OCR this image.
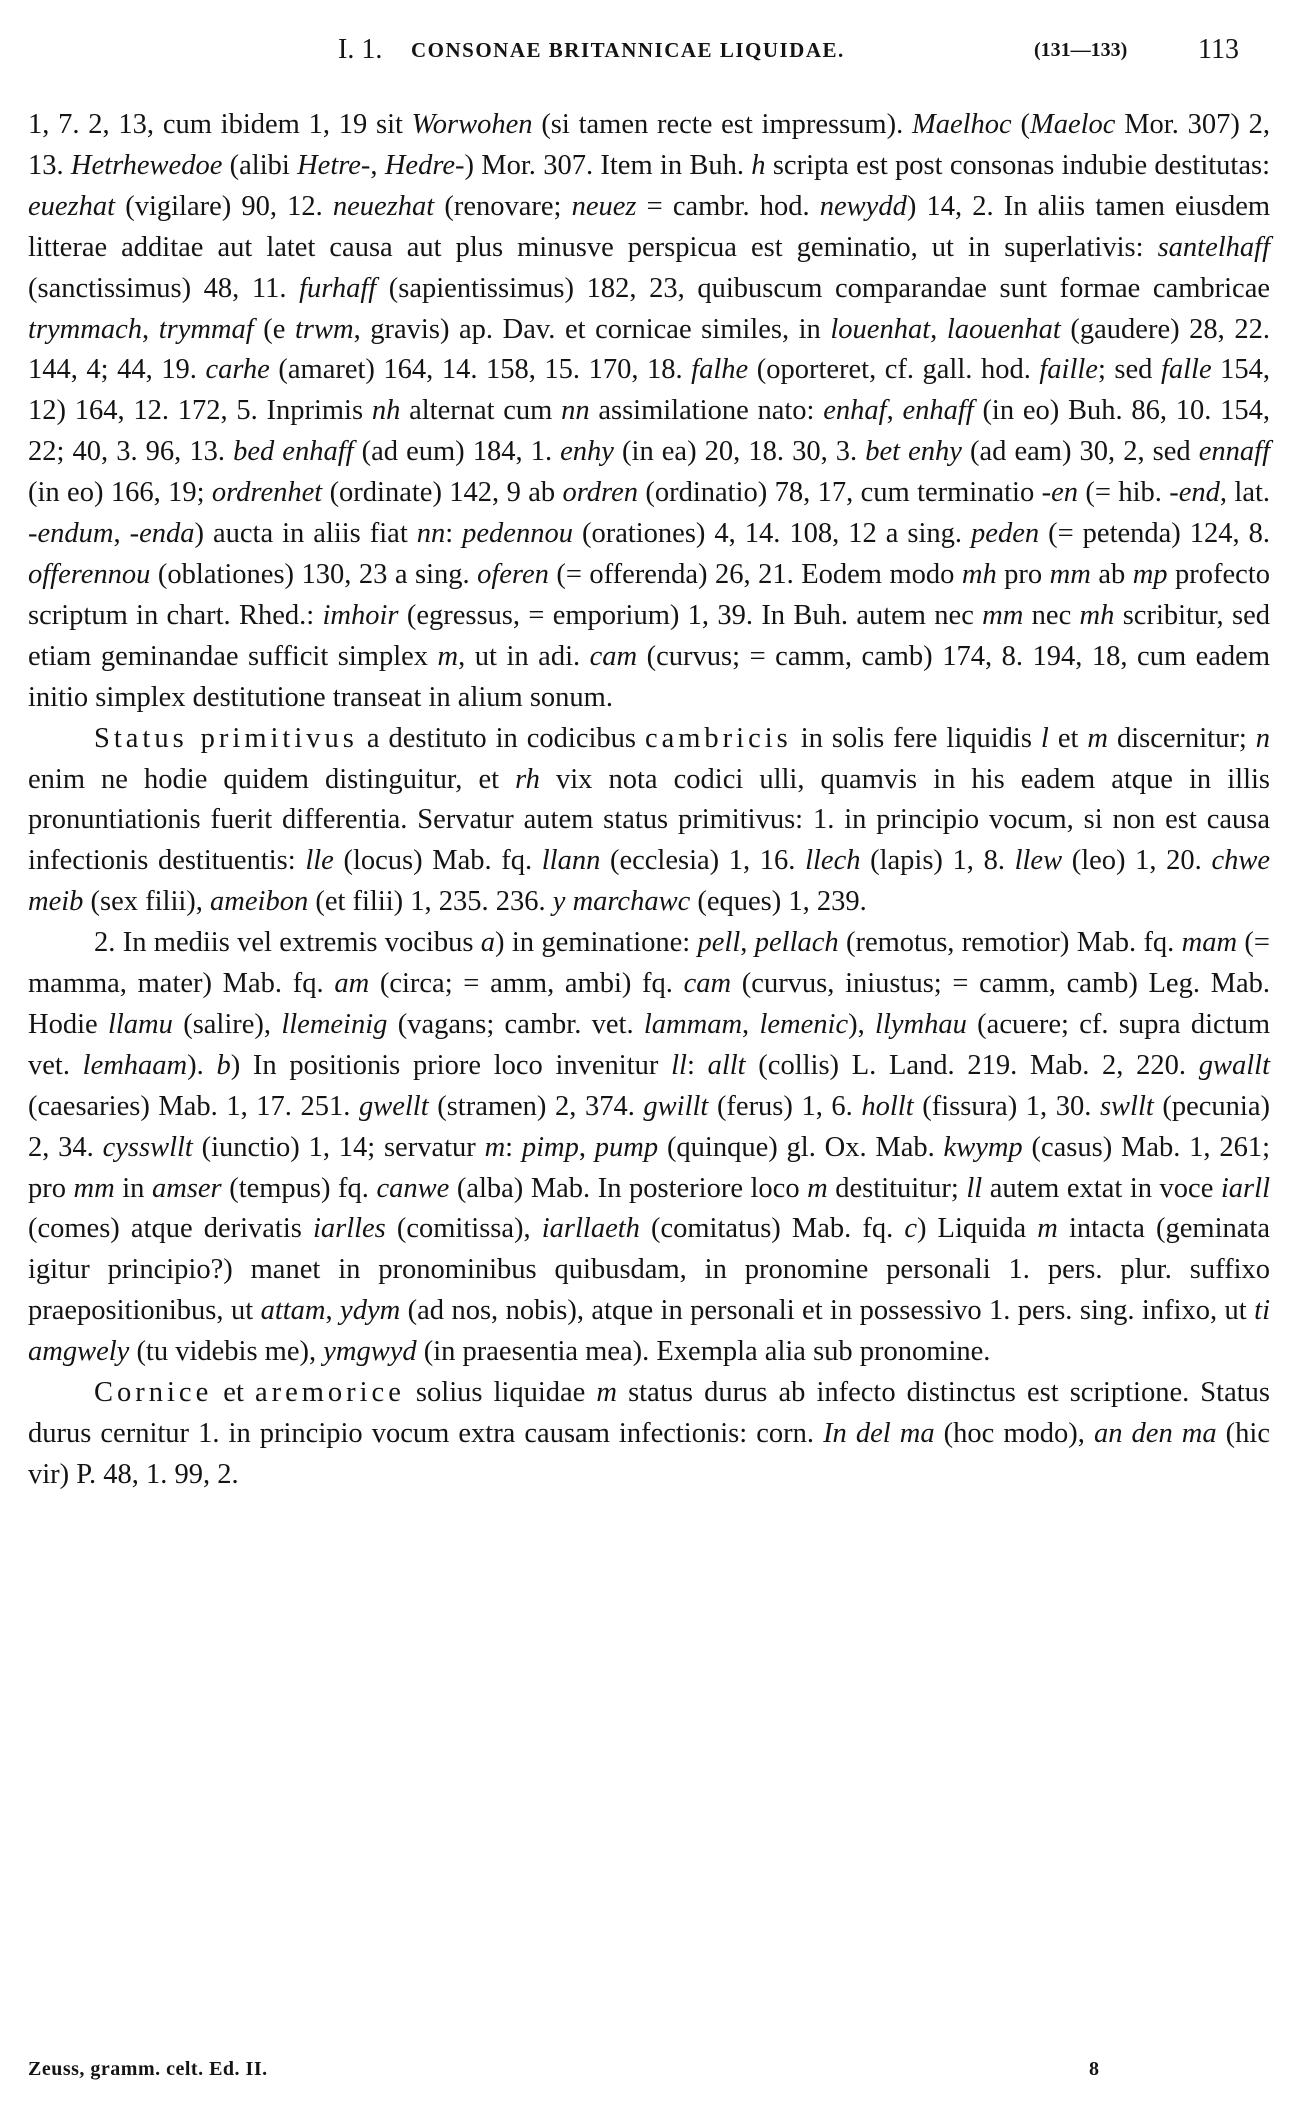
I. 1. CONSONAE BRITANNICAE LIQUIDAE.	(131—133)	113

1, 7. 2, 13, cum ibidem 1, 19 sit Worwohen (si tamen recte est impressum). Maelhoc (Maeloc Mor. 307) 2, 13. Hetrhewedoe (alibi Hetre-, Hedre-) Mor. 307. Item in Buh. h scripta est post consonas indubie destitutas: euezhat (vigilare) 90, 12. neuezhat (renovare; neuez = cambr. hod. newydd) 14, 2. In aliis tamen eiusdem litterae additae aut latet causa aut plus minusve perspicua est geminatio, ut in superlativis: santelhaff (sanctissimus) 48, 11. furhaff (sapientissimus) 182, 23, quibuscum comparandae sunt formae cambricae trymmach, trymmaf (e trwm, gravis) ap. Dav. et cornicae similes, in louenhat, laouenhat (gaudere) 28, 22. 144, 4; 44, 19. carhe (amaret) 164, 14. 158, 15. 170, 18. falhe (oporteret, cf. gall. hod. faille; sed falle 154, 12) 164, 12. 172, 5. Inprimis nh alternat cum nn assimilatione nato: enhaf, enhaff (in eo) Buh. 86, 10. 154, 22; 40, 3. 96, 13. bed enhaff (ad eum) 184, 1. enhy (in ea) 20, 18. 30, 3. bet enhy (ad eam) 30, 2, sed ennaff (in eo) 166, 19; ordrenhet (ordinate) 142, 9 ab ordren (ordinatio) 78, 17, cum terminatio -en (= hib. -end, lat. -endum, -enda) aucta in aliis fiat nn: pedennou (orationes) 4, 14. 108, 12 a sing. peden (= petenda) 124, 8. offerennou (oblationes) 130, 23 a sing. oferen (= offerenda) 26, 21. Eodem modo mh pro mm ab mp profecto scriptum in chart. Rhed.: imhoir (egressus, = emporium) 1, 39. In Buh. autem nec mm nec mh scribitur, sed etiam geminandae sufficit simplex m, ut in adi. cam (curvus; = camm, camb) 174, 8. 194, 18, cum eadem initio simplex destitutione transeat in alium sonum.

Status primitivus a destituto in codicibus cambricis in solis fere liquidis l et m discernitur; n enim ne hodie quidem distinguitur, et rh vix nota codici ulli, quamvis in his eadem atque in illis pronuntiationis fuerit differentia. Servatur autem status primitivus: 1. in principio vocum, si non est causa infectionis destituentis: lle (locus) Mab. fq. llann (ecclesia) 1, 16. llech (lapis) 1, 8. llew (leo) 1, 20. chwe meib (sex filii), ameibon (et filii) 1, 235. 236. y marchawc (eques) 1, 239.

2. In mediis vel extremis vocibus a) in geminatione: pell, pellach (remotus, remotior) Mab. fq. mam (= mamma, mater) Mab. fq. am (circa; = amm, ambi) fq. cam (curvus, iniustus; = camm, camb) Leg. Mab. Hodie llamu (salire), llemeinig (vagans; cambr. vet. lammam, lemenic), llymhau (acuere; cf. supra dictum vet. lemhaam). b) In positionis priore loco invenitur ll: allt (collis) L. Land. 219. Mab. 2, 220. gwallt (caesaries) Mab. 1, 17. 251. gwellt (stramen) 2, 374. gwillt (ferus) 1, 6. hollt (fissura) 1, 30. swllt (pecunia) 2, 34. cysswllt (iunctio) 1, 14; servatur m: pimp, pump (quinque) gl. Ox. Mab. kwymp (casus) Mab. 1, 261; pro mm in amser (tempus) fq. canwe (alba) Mab. In posteriore loco m destituitur; ll autem extat in voce iarll (comes) atque derivatis iarlles (comitissa), iarllaeth (comitatus) Mab. fq. c) Liquida m intacta (geminata igitur principio?) manet in pronominibus quibusdam, in pronomine personali 1. pers. plur. suffixo praepositionibus, ut attam, ydym (ad nos, nobis), atque in personali et in possessivo 1. pers. sing. infixo, ut ti amgwely (tu videbis me), ymgwyd (in praesentia mea). Exempla alia sub pronomine.

Cornice et aremorice solius liquidae m status durus ab infecto distinctus est scriptione. Status durus cernitur 1. in principio vocum extra causam infectionis: corn. In del ma (hoc modo), an den ma (hic vir) P. 48, 1. 99, 2.

Zeuss, gramm. celt. Ed. II.	8
